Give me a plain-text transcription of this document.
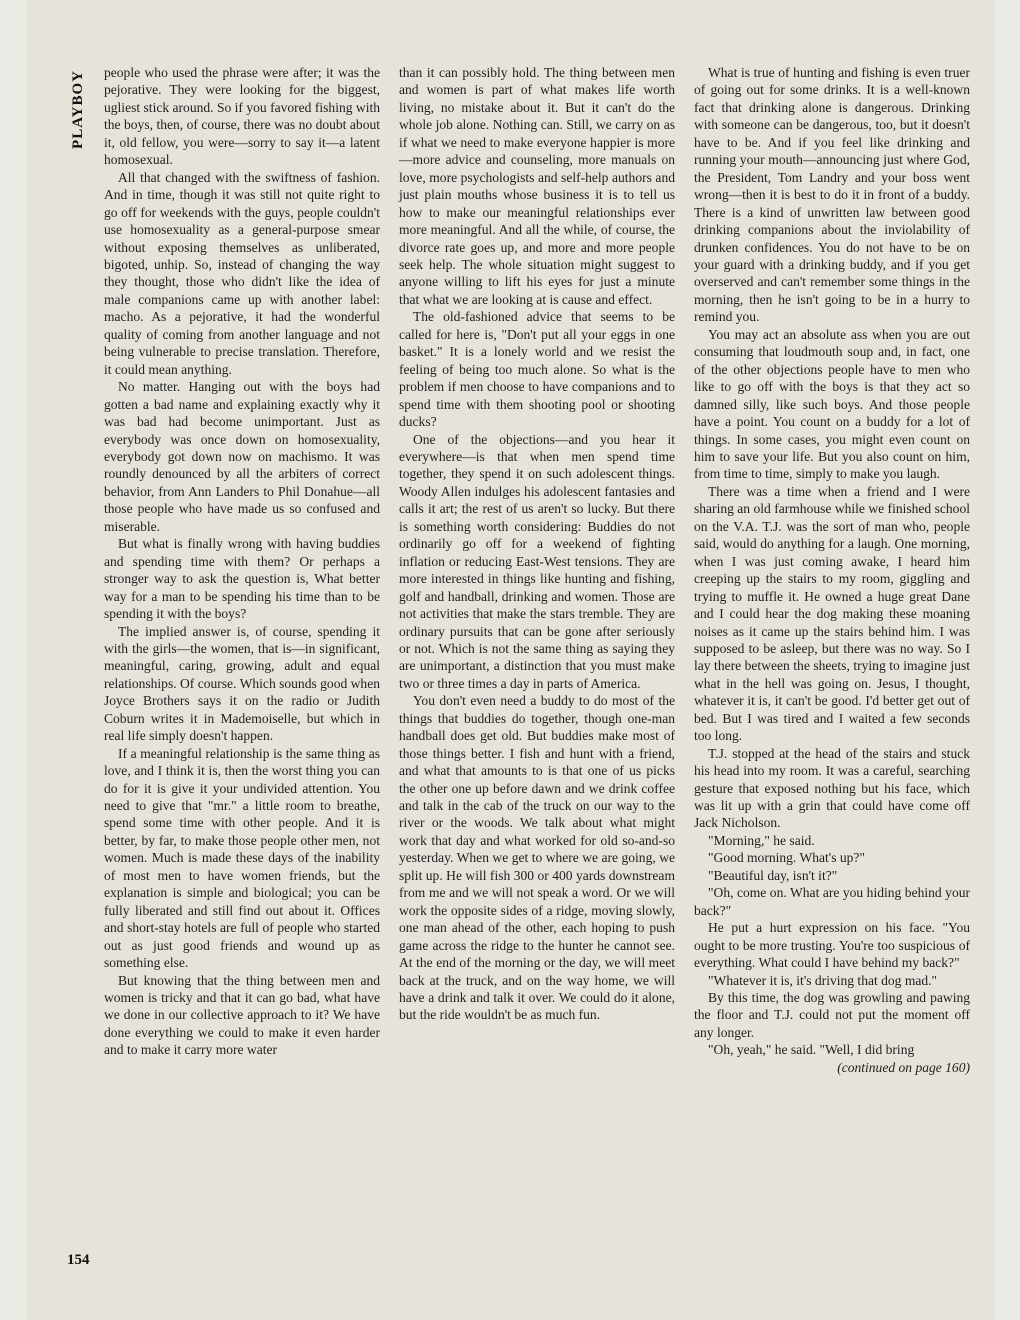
PLAYBOY	people who used the phrase were after; it was the pejorative. They were looking for the biggest, ugliest stick around. So if you favored fishing with the boys, then, of course, there was no doubt about it, old fellow, you were—sorry to say it—a latent homosexual.

All that changed with the swiftness of fashion. And in time, though it was still not quite right to go off for weekends with the guys, people couldn't use homosexuality as a general-purpose smear without exposing themselves as unliberated, bigoted, unhip. So, instead of changing the way they thought, those who didn't like the idea of male companions came up with another label: macho. As a pejorative, it had the wonderful quality of coming from another language and not being vulnerable to precise translation. Therefore, it could mean anything.

No matter. Hanging out with the boys had gotten a bad name and explaining exactly why it was bad had become unimportant. Just as everybody was once down on homosexuality, everybody got down now on machismo. It was roundly denounced by all the arbiters of correct behavior, from Ann Landers to Phil Donahue—all those people who have made us so confused and miserable.

But what is finally wrong with having buddies and spending time with them? Or perhaps a stronger way to ask the question is, What better way for a man to be spending his time than to be spending it with the boys?

The implied answer is, of course, spending it with the girls—the women, that is—in significant, meaningful, caring, growing, adult and equal relationships. Of course. Which sounds good when Joyce Brothers says it on the radio or Judith Coburn writes it in Mademoiselle, but which in real life simply doesn't happen.

If a meaningful relationship is the same thing as love, and I think it is, then the worst thing you can do for it is give it your undivided attention. You need to give that "mr." a little room to breathe, spend some time with other people. And it is better, by far, to make those people other men, not women. Much is made these days of the inability of most men to have women friends, but the explanation is simple and biological; you can be fully liberated and still find out about it. Offices and short-stay hotels are full of people who started out as just good friends and wound up as something else.

But knowing that the thing between men and women is tricky and that it can go bad, what have we done in our collective approach to it? We have done everything we could to make it even harder and to make it carry more water

than it can possibly hold. The thing between men and women is part of what makes life worth living, no mistake about it. But it can't do the whole job alone. Nothing can. Still, we carry on as if what we need to make everyone happier is more—more advice and counseling, more manuals on love, more psychologists and self-help authors and just plain mouths whose business it is to tell us how to make our meaningful relationships ever more meaningful. And all the while, of course, the divorce rate goes up, and more and more people seek help. The whole situation might suggest to anyone willing to lift his eyes for just a minute that what we are looking at is cause and effect.

The old-fashioned advice that seems to be called for here is, "Don't put all your eggs in one basket." It is a lonely world and we resist the feeling of being too much alone. So what is the problem if men choose to have companions and to spend time with them shooting pool or shooting ducks?

One of the objections—and you hear it everywhere—is that when men spend time together, they spend it on such adolescent things. Woody Allen indulges his adolescent fantasies and calls it art; the rest of us aren't so lucky. But there is something worth considering: Buddies do not ordinarily go off for a weekend of fighting inflation or reducing East-West tensions. They are more interested in things like hunting and fishing, golf and handball, drinking and women. Those are not activities that make the stars tremble. They are ordinary pursuits that can be gone after seriously or not. Which is not the same thing as saying they are unimportant, a distinction that you must make two or three times a day in parts of America.

You don't even need a buddy to do most of the things that buddies do together, though one-man handball does get old. But buddies make most of those things better. I fish and hunt with a friend, and what that amounts to is that one of us picks the other one up before dawn and we drink coffee and talk in the cab of the truck on our way to the river or the woods. We talk about what might work that day and what worked for old so-and-so yesterday. When we get to where we are going, we split up. He will fish 300 or 400 yards downstream from me and we will not speak a word. Or we will work the opposite sides of a ridge, moving slowly, one man ahead of the other, each hoping to push game across the ridge to the hunter he cannot see. At the end of the morning or the day, we will meet back at the truck, and on the way home, we will have a drink and talk it over. We could do it alone, but the ride wouldn't be as much fun.

What is true of hunting and fishing is even truer of going out for some drinks. It is a well-known fact that drinking alone is dangerous. Drinking with someone can be dangerous, too, but it doesn't have to be. And if you feel like drinking and running your mouth—announcing just where God, the President, Tom Landry and your boss went wrong—then it is best to do it in front of a buddy. There is a kind of unwritten law between good drinking companions about the inviolability of drunken confidences. You do not have to be on your guard with a drinking buddy, and if you get overserved and can't remember some things in the morning, then he isn't going to be in a hurry to remind you.

You may act an absolute ass when you are out consuming that loudmouth soup and, in fact, one of the other objections people have to men who like to go off with the boys is that they act so damned silly, like such boys. And those people have a point. You count on a buddy for a lot of things. In some cases, you might even count on him to save your life. But you also count on him, from time to time, simply to make you laugh.

There was a time when a friend and I were sharing an old farmhouse while we finished school on the V.A. T.J. was the sort of man who, people said, would do anything for a laugh. One morning, when I was just coming awake, I heard him creeping up the stairs to my room, giggling and trying to muffle it. He owned a huge great Dane and I could hear the dog making these moaning noises as it came up the stairs behind him. I was supposed to be asleep, but there was no way. So I lay there between the sheets, trying to imagine just what in the hell was going on. Jesus, I thought, whatever it is, it can't be good. I'd better get out of bed. But I was tired and I waited a few seconds too long.

T.J. stopped at the head of the stairs and stuck his head into my room. It was a careful, searching gesture that exposed nothing but his face, which was lit up with a grin that could have come off Jack Nicholson.

"Morning," he said.

"Good morning. What's up?"

"Beautiful day, isn't it?"

"Oh, come on. What are you hiding behind your back?"

He put a hurt expression on his face. "You ought to be more trusting. You're too suspicious of everything. What could I have behind my back?"

"Whatever it is, it's driving that dog mad."

By this time, the dog was growling and pawing the floor and T.J. could not put the moment off any longer.

"Oh, yeah," he said. "Well, I did bring

(continued on page 160)

154
